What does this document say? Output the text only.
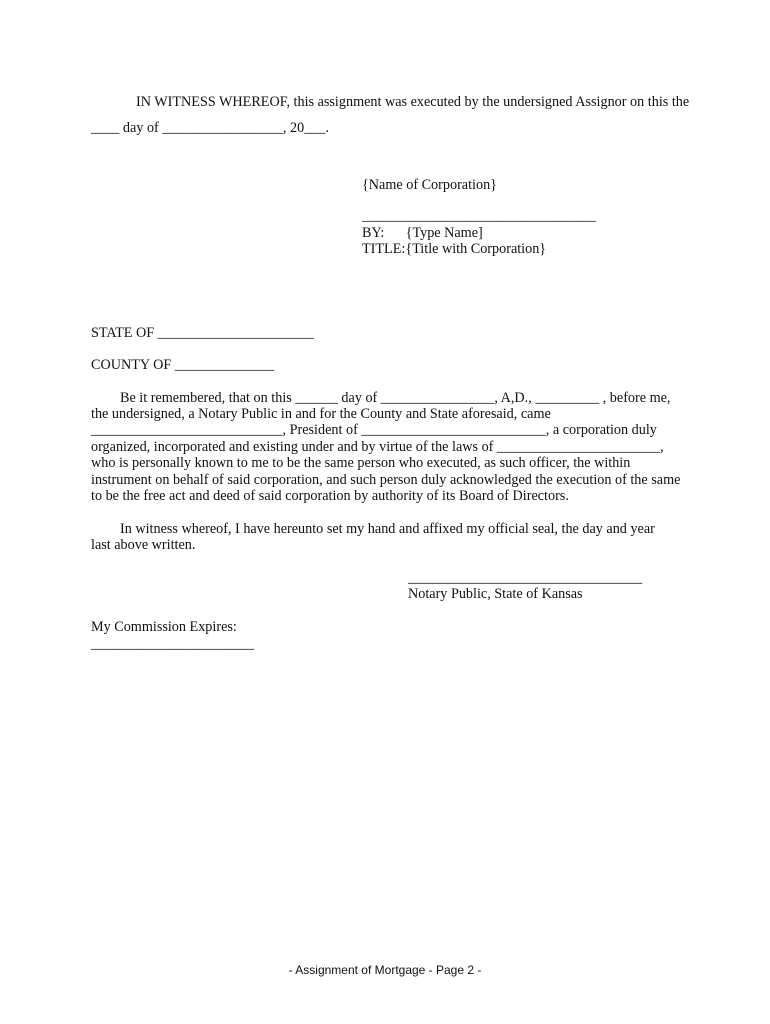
IN WITNESS WHEREOF, this assignment was executed by the undersigned Assignor on this the

____ day of _________________, 20___.

{Name of Corporation}

_________________________________

BY:      {Type Name]

TITLE:{Title with Corporation}

STATE OF ______________________

COUNTY OF ______________

Be it remembered, that on this ______ day of ________________, A,D., _________ , before me,

the undersigned, a Notary Public in and for the County and State aforesaid, came

___________________________, President of __________________________, a corporation duly

organized, incorporated and existing under and by virtue of the laws of _______________________,

who is personally known to me to be the same person who executed, as such officer, the within

instrument on behalf of said corporation, and such person duly acknowledged the execution of the same

to be the free act and deed of said corporation by authority of its Board of Directors.

In witness whereof, I have hereunto set my hand and affixed my official seal, the day and year

last above written.

_________________________________

Notary Public, State of Kansas

My Commission Expires:

_______________________

- Assignment of Mortgage - Page 2 -
